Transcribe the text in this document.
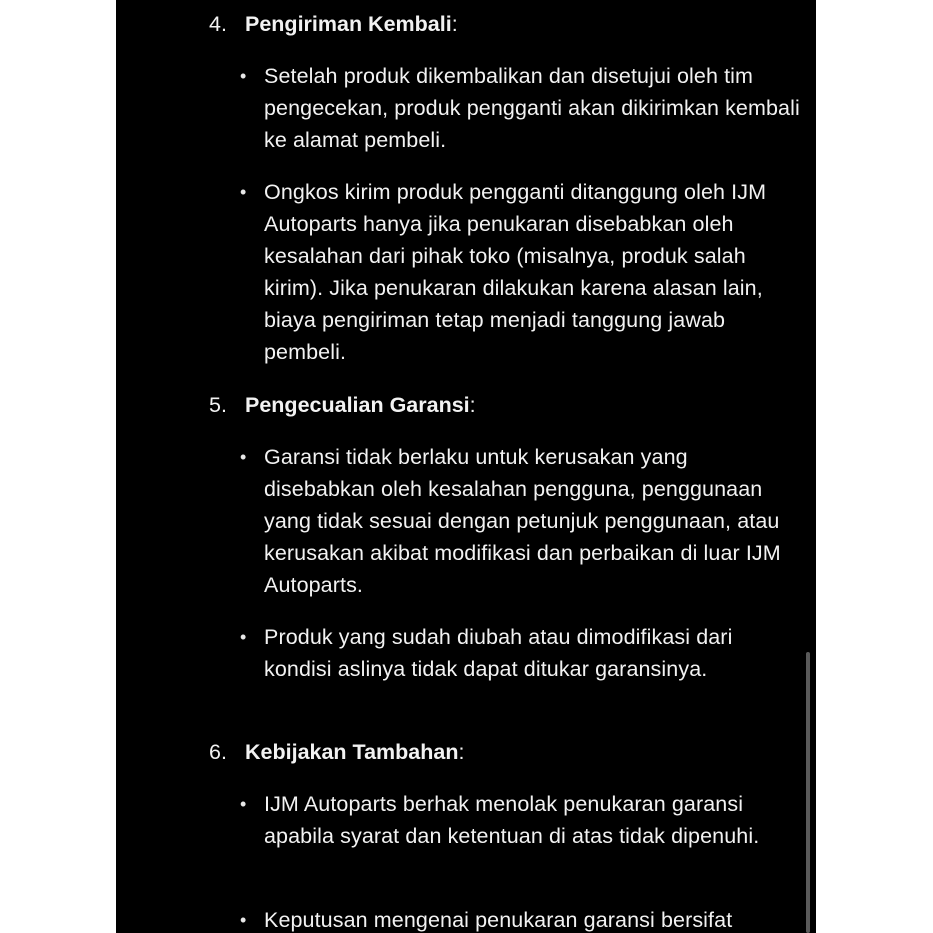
4. Pengiriman Kembali:
• Setelah produk dikembalikan dan disetujui oleh tim pengecekan, produk pengganti akan dikirimkan kembali ke alamat pembeli.
• Ongkos kirim produk pengganti ditanggung oleh IJM Autoparts hanya jika penukaran disebabkan oleh kesalahan dari pihak toko (misalnya, produk salah kirim). Jika penukaran dilakukan karena alasan lain, biaya pengiriman tetap menjadi tanggung jawab pembeli.
5. Pengecualian Garansi:
• Garansi tidak berlaku untuk kerusakan yang disebabkan oleh kesalahan pengguna, penggunaan yang tidak sesuai dengan petunjuk penggunaan, atau kerusakan akibat modifikasi dan perbaikan di luar IJM Autoparts.
• Produk yang sudah diubah atau dimodifikasi dari kondisi aslinya tidak dapat ditukar garansinya.
6. Kebijakan Tambahan:
• IJM Autoparts berhak menolak penukaran garansi apabila syarat dan ketentuan di atas tidak dipenuhi.
• Keputusan mengenai penukaran garansi bersifat
